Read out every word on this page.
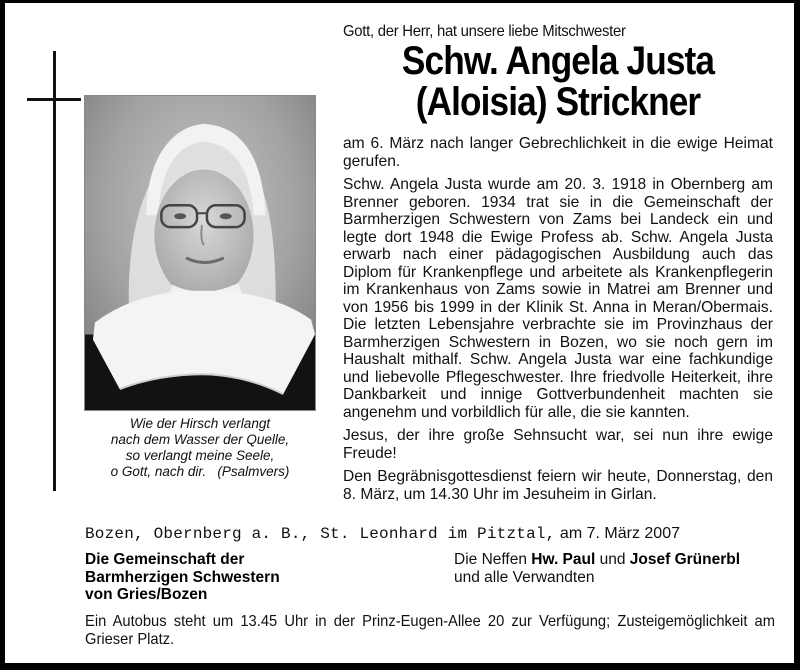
Wie der Hirsch verlangt
nach dem Wasser der Quelle,
so verlangt meine Seele,
o Gott, nach dir.   (Psalmvers)
Gott, der Herr, hat unsere liebe Mitschwester
Schw. Angela Justa
(Aloisia) Strickner

am 6. März nach langer Gebrechlichkeit in die ewige Heimat gerufen.

Schw. Angela Justa wurde am 20. 3. 1918 in Obernberg am Brenner geboren. 1934 trat sie in die Gemeinschaft der Barmherzigen Schwestern von Zams bei Landeck ein und legte dort 1948 die Ewige Profess ab. Schw. Angela Justa erwarb nach einer pädagogischen Ausbildung auch das Diplom für Krankenpflege und arbeitete als Krankenpflegerin im Krankenhaus von Zams sowie in Matrei am Brenner und von 1956 bis 1999 in der Klinik St. Anna in Meran/Obermais. Die letzten Lebensjahre verbrachte sie im Provinzhaus der Barmherzigen Schwestern in Bozen, wo sie noch gern im Haushalt mithalf. Schw. Angela Justa war eine fachkundige und liebevolle Pflegeschwester. Ihre friedvolle Heiterkeit, ihre Dankbarkeit und innige Gottverbundenheit machten sie angenehm und vorbildlich für alle, die sie kannten.

Jesus, der ihre große Sehnsucht war, sei nun ihre ewige Freude!

Den Begräbnisgottesdienst feiern wir heute, Donnerstag, den 8. März, um 14.30 Uhr im Jesuheim in Girlan.

Bozen, Obernberg a. B., St. Leonhard im Pitztal, am 7. März 2007
Die Gemeinschaft der
Barmherzigen Schwestern
von Gries/Bozen
Die Neffen Hw. Paul und Josef Grünerbl
und alle Verwandten
Ein Autobus steht um 13.45 Uhr in der Prinz-Eugen-Allee 20 zur Verfügung; Zusteigemöglichkeit am Grieser Platz.
